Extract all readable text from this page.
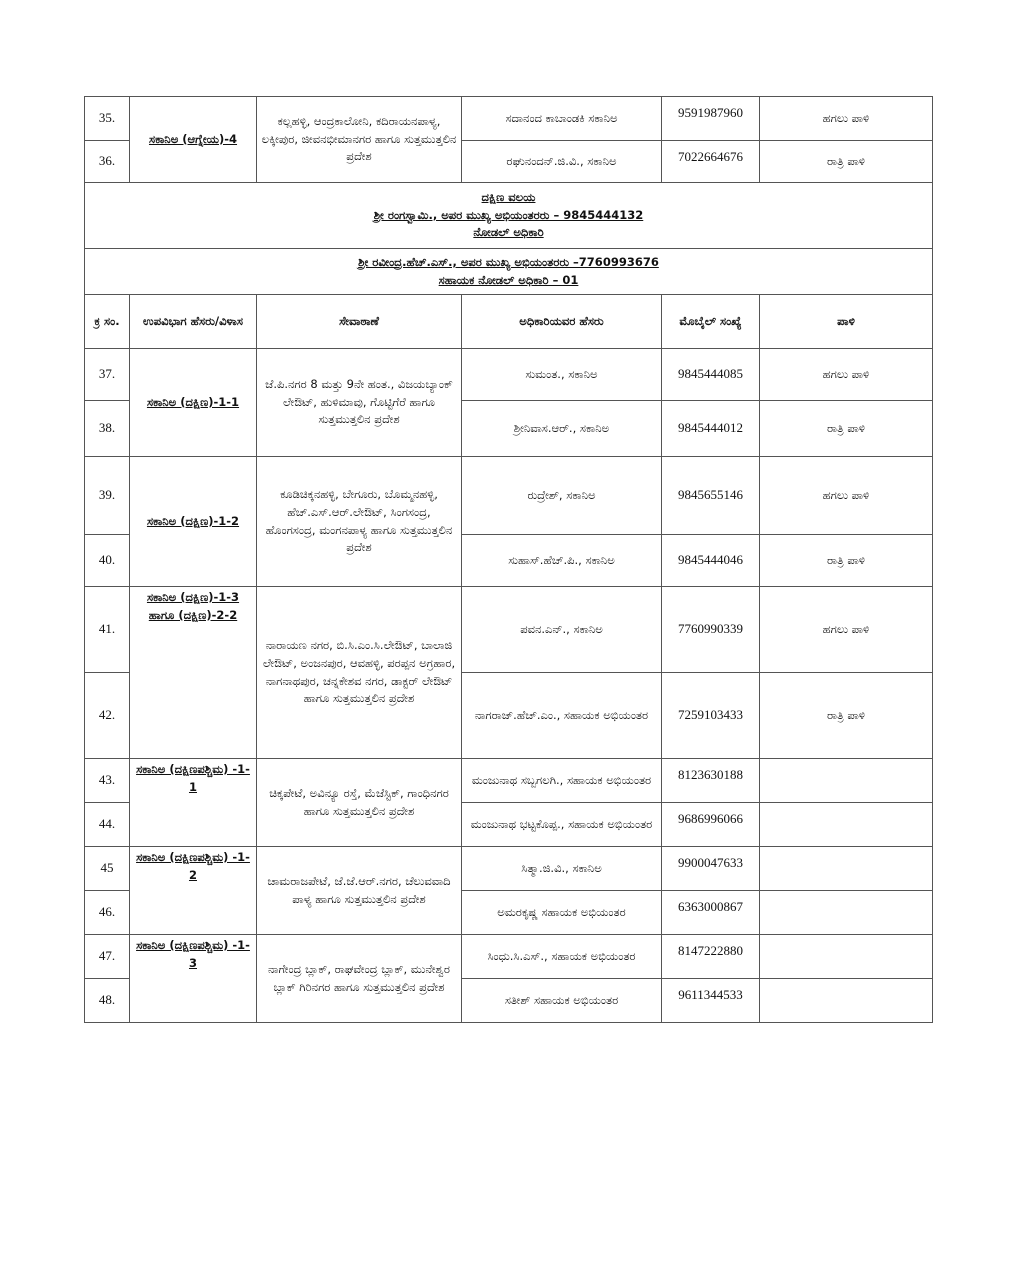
35.	ಸಕಾನಿಅ (ಆಗ್ನೇಯ)-4	ಕಲ್ಲಹಳ್ಳಿ, ಆಂದ್ರಕಾಲೋನಿ, ಕದಿರಾಯನಪಾಳ್ಯ, ಲಕ್ಕೀಪುರ, ಜೀವನಭೀಮಾನಗರ ಹಾಗೂ ಸುತ್ತಮುತ್ತಲಿನ ಪ್ರದೇಶ	ಸದಾನಂದ ಕಾಬಾಂಡಕಿ ಸಕಾನಿಅ	9591987960	ಹಗಲು ಪಾಳಿ
36.			ರಘುನಂದನ್.ಜಿ.ವಿ., ಸಕಾನಿಅ	7022664676	ರಾತ್ರಿ ಪಾಳಿ

ದಕ್ಷಿಣ ವಲಯ
ಶ್ರೀ ರಂಗಸ್ವಾಮಿ., ಅಪರ ಮುಖ್ಯ ಅಭಿಯಂತರರು – 9845444132
ನೋಡಲ್ ಅಧಿಕಾರಿ					

ಶ್ರೀ ರವೀಂದ್ರ.ಹೆಚ್.ಎಸ್., ಅಪರ ಮುಖ್ಯ ಅಭಿಯಂತರರು –7760993676
ಸಹಾಯಕ ನೋಡಲ್ ಅಧಿಕಾರಿ – 01					

ಕ್ರ ಸಂ.	ಉಪವಿಭಾಗ ಹೆಸರು/ವಿಳಾಸ	ಸೇವಾಠಾಣೆ	ಅಧಿಕಾರಿಯವರ ಹೆಸರು	ಮೊಬೈಲ್ ಸಂಖ್ಯೆ	ಪಾಳಿ
37.	ಸಕಾನಿಅ (ದಕ್ಷಿಣ)-1-1	ಜೆ.ಪಿ.ನಗರ 8 ಮತ್ತು 9ನೇ ಹಂತ., ವಿಜಯಬ್ಯಾಂಕ್ ಲೇಔಟ್, ಹುಳಿಮಾವು, ಗೊಟ್ಟಿಗೆರೆ ಹಾಗೂ ಸುತ್ತಮುತ್ತಲಿನ ಪ್ರದೇಶ	ಸುಮಂತ., ಸಕಾನಿಅ	9845444085	ಹಗಲು ಪಾಳಿ
38.			ಶ್ರೀನಿವಾಸ.ಆರ್., ಸಕಾನಿಅ	9845444012	ರಾತ್ರಿ ಪಾಳಿ
39.	ಸಕಾನಿಅ (ದಕ್ಷಿಣ)-1-2	ಕೂಡಿಚಿಕ್ಕನಹಳ್ಳಿ, ಬೇಗೂರು, ಬೊಮ್ಮನಹಳ್ಳಿ, ಹೆಚ್.ಎಸ್.ಆರ್.ಲೇಔಟ್, ಸಿಂಗಸಂದ್ರ, ಹೊಂಗಸಂದ್ರ, ಮಂಗನಪಾಳ್ಯ ಹಾಗೂ ಸುತ್ತಮುತ್ತಲಿನ ಪ್ರದೇಶ	ರುದ್ರೇಶ್, ಸಕಾನಿಅ	9845655146	ಹಗಲು ಪಾಳಿ
40.			ಸುಹಾಸ್.ಹೆಚ್.ಪಿ., ಸಕಾನಿಅ	9845444046	ರಾತ್ರಿ ಪಾಳಿ
41.	ಸಕಾನಿಅ (ದಕ್ಷಿಣ)-1-3 ಹಾಗೂ (ದಕ್ಷಿಣ)-2-2	ನಾರಾಯಣ ನಗರ, ಬಿ.ಸಿ.ಎಂ.ಸಿ.ಲೇಔಟ್, ಬಾಲಾಜಿ ಲೇಔಟ್, ಅಂಜನಪುರ, ಆವಹಳ್ಳಿ, ಪರಪ್ಪನ ಅಗ್ರಹಾರ, ನಾಗನಾಥಪುರ, ಚನ್ನಕೇಶವ ನಗರ, ಡಾಕ್ಟರ್ ಲೇಔಟ್ ಹಾಗೂ ಸುತ್ತಮುತ್ತಲಿನ ಪ್ರದೇಶ	ಪವನ.ಎನ್., ಸಕಾನಿಅ	7760990339	ಹಗಲು ಪಾಳಿ
42.			ನಾಗರಾಜ್.ಹೆಚ್.ಎಂ., ಸಹಾಯಕ ಅಭಿಯಂತರ	7259103433	ರಾತ್ರಿ ಪಾಳಿ
43.	ಸಕಾನಿಅ (ದಕ್ಷಿಣಪಶ್ಚಿಮ) -1-1	ಚಿಕ್ಕಪೇಟೆ, ಅವಿನ್ಯೂ ರಸ್ತೆ, ಮೆಜೆಸ್ಟಿಕ್, ಗಾಂಧಿನಗರ ಹಾಗೂ ಸುತ್ತಮುತ್ತಲಿನ ಪ್ರದೇಶ	ಮಂಜುನಾಥ ಸಬ್ಬಗಲಗಿ., ಸಹಾಯಕ ಅಭಿಯಂತರ	8123630188	
44.			ಮಂಜುನಾಥ ಭಟ್ಟಕೊಪ್ಪ., ಸಹಾಯಕ ಅಭಿಯಂತರ	9686996066	
45	ಸಕಾನಿಅ (ದಕ್ಷಿಣಪಶ್ಚಿಮ) -1-2	ಚಾಮರಾಜಪೇಟೆ, ಜೆ.ಜೆ.ಆರ್.ನಗರ, ಚೆಲುವವಾದಿ ಪಾಳ್ಯ ಹಾಗೂ ಸುತ್ತಮುತ್ತಲಿನ ಪ್ರದೇಶ	ಸಿತ್ಮಾ.ಜಿ.ವಿ., ಸಕಾನಿಅ	9900047633	
46.			ಅಮರಕೃಷ್ಣ ಸಹಾಯಕ ಅಭಿಯಂತರ	6363000867	
47.	ಸಕಾನಿಅ (ದಕ್ಷಿಣಪಶ್ಚಿಮ) -1-3	ನಾಗೇಂದ್ರ ಬ್ಲಾಕ್, ರಾಘವೇಂದ್ರ ಬ್ಲಾಕ್, ಮುನೇಶ್ವರ ಬ್ಲಾಕ್ ಗಿರಿನಗರ ಹಾಗೂ ಸುತ್ತಮುತ್ತಲಿನ ಪ್ರದೇಶ	ಸಿಂಧು.ಸಿ.ಎಸ್., ಸಹಾಯಕ ಅಭಿಯಂತರ	8147222880	
48.			ಸತೀಶ್ ಸಹಾಯಕ ಅಭಿಯಂತರ	9611344533	
